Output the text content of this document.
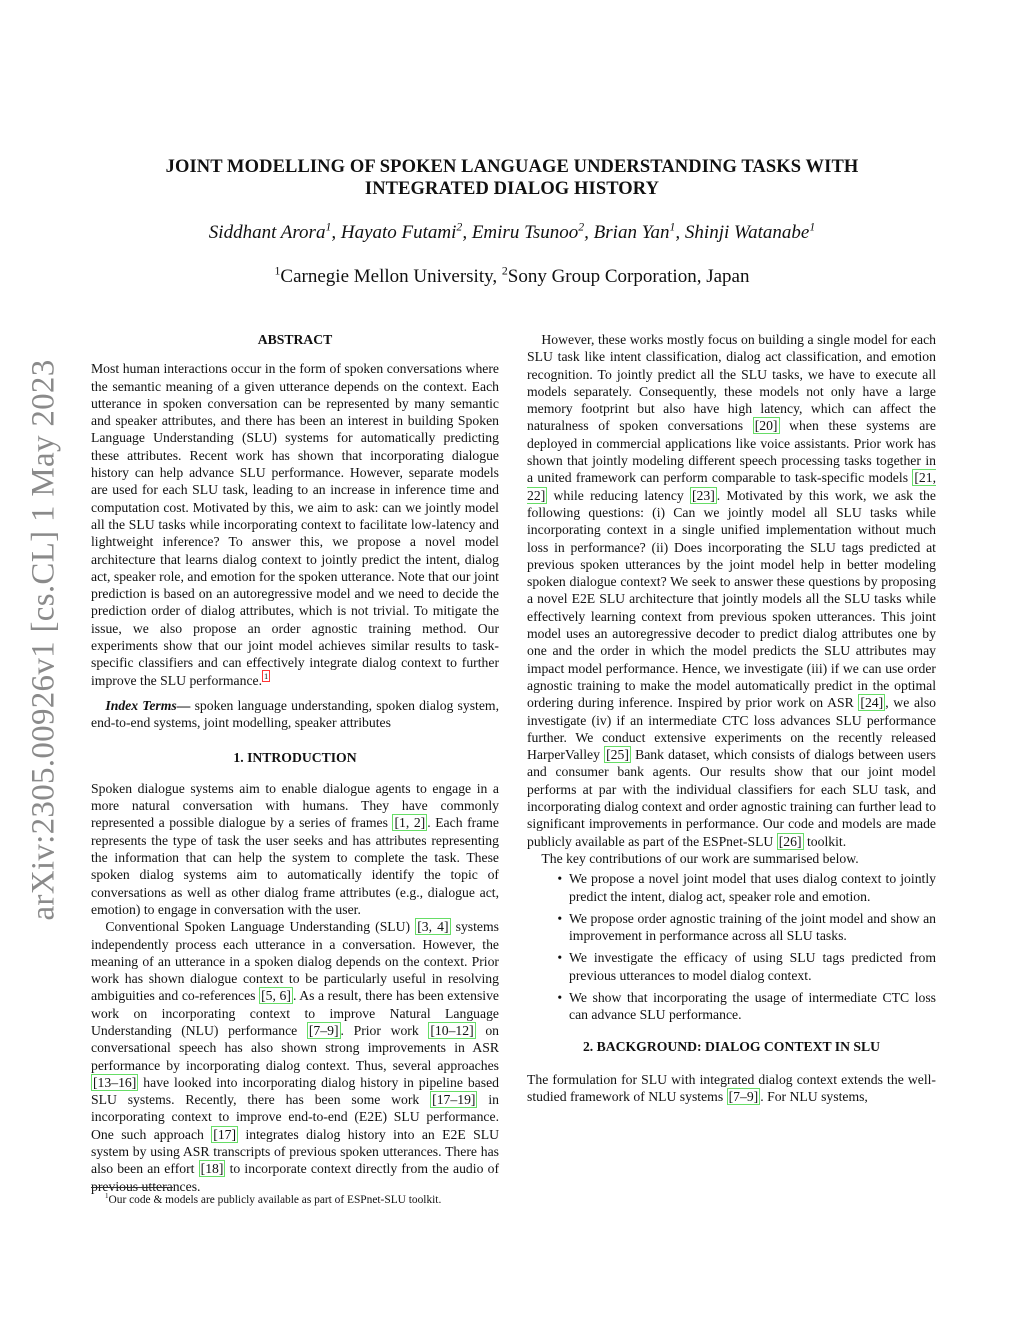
arXiv:2305.00926v1 [cs.CL] 1 May 2023
JOINT MODELLING OF SPOKEN LANGUAGE UNDERSTANDING TASKS WITH
INTEGRATED DIALOG HISTORY
Siddhant Arora$^1$, Hayato Futami$^2$, Emiru Tsunoo$^2$, Brian Yan$^1$, Shinji Watanabe$^1$
$^1$Carnegie Mellon University, $^2$Sony Group Corporation, Japan
ABSTRACT

Most human interactions occur in the form of spoken conversations where the semantic meaning of a given utterance depends on the context. Each utterance in spoken conversation can be represented by many semantic and speaker attributes, and there has been an interest in building Spoken Language Understanding (SLU) systems for automatically predicting these attributes. Recent work has shown that incorporating dialogue history can help advance SLU performance. However, separate models are used for each SLU task, leading to an increase in inference time and computation cost. Motivated by this, we aim to ask: can we jointly model all the SLU tasks while incorporating context to facilitate low-latency and lightweight inference? To answer this, we propose a novel model architecture that learns dialog context to jointly predict the intent, dialog act, speaker role, and emotion for the spoken utterance. Note that our joint prediction is based on an autoregressive model and we need to decide the prediction order of dialog attributes, which is not trivial. To mitigate the issue, we also propose an order agnostic training method. Our experiments show that our joint model achieves similar results to task-specific classifiers and can effectively integrate dialog context to further improve the SLU performance. $^1$

Index Terms— spoken language understanding, spoken dialog system, end-to-end systems, joint modelling, speaker attributes

1. INTRODUCTION

Spoken dialogue systems aim to enable dialogue agents to engage in a more natural conversation with humans. They have commonly represented a possible dialogue by a series of frames [1, 2] . Each frame represents the type of task the user seeks and has attributes representing the information that can help the system to complete the task. These spoken dialog systems aim to automatically identify the topic of conversations as well as other dialog frame attributes (e.g., dialogue act, emotion) to engage in conversation with the user.

Conventional Spoken Language Understanding (SLU) [3, 4] systems independently process each utterance in a conversation. However, the meaning of an utterance in a spoken dialog depends on the context. Prior work has shown dialogue context to be particularly useful in resolving ambiguities and co-references [5, 6] . As a result, there has been extensive work on incorporating context to improve Natural Language Understanding (NLU) performance [7–9] . Prior work [10–12] on conversational speech has also shown strong improvements in ASR performance by incorporating dialog context. Thus, several approaches [13–16] have looked into incorporating dialog history in pipeline based SLU systems. Recently, there has been some work [17–19] in incorporating context to improve end-to-end (E2E) SLU performance. One such approach [17] integrates dialog history into an E2E SLU system by using ASR transcripts of previous spoken utterances. There has also been an effort [18] to incorporate context directly from the audio of previous utterances.

However, these works mostly focus on building a single model for each SLU task like intent classification, dialog act classification, and emotion recognition. To jointly predict all the SLU tasks, we have to execute all models separately. Consequently, these models not only have a large memory footprint but also have high latency, which can affect the naturalness of spoken conversations [20] when these systems are deployed in commercial applications like voice assistants. Prior work has shown that jointly modeling different speech processing tasks together in a united framework can perform comparable to task-specific models [21, 22] while reducing latency [23] . Motivated by this work, we ask the following questions: (i) Can we jointly model all SLU tasks while incorporating context in a single unified implementation without much loss in performance? (ii) Does incorporating the SLU tags predicted at previous spoken utterances by the joint model help in better modeling spoken dialogue context? We seek to answer these questions by proposing a novel E2E SLU architecture that jointly models all the SLU tasks while effectively learning context from previous spoken utterances. This joint model uses an autoregressive decoder to predict dialog attributes one by one and the order in which the model predicts the SLU attributes may impact model performance. Hence, we investigate (iii) if we can use order agnostic training to make the model automatically predict in the optimal ordering during inference. Inspired by prior work on ASR [24] , we also investigate (iv) if an intermediate CTC loss advances SLU performance further. We conduct extensive experiments on the recently released HarperValley [25] Bank dataset, which consists of dialogs between users and consumer bank agents. Our results show that our joint model performs at par with the individual classifiers for each SLU task, and incorporating dialog context and order agnostic training can further lead to significant improvements in performance. Our code and models are made publicly available as part of the ESPnet-SLU [26] toolkit.

The key contributions of our work are summarised below.

• We propose a novel joint model that uses dialog context to jointly predict the intent, dialog act, speaker role and emotion.
• We propose order agnostic training of the joint model and show an improvement in performance across all SLU tasks.
• We investigate the efficacy of using SLU tags predicted from previous utterances to model dialog context.
• We show that incorporating the usage of intermediate CTC loss can advance SLU performance.
2. BACKGROUND: DIALOG CONTEXT IN SLU

The formulation for SLU with integrated dialog context extends the well-studied framework of NLU systems [7–9] . For NLU systems,

$^1$Our code & models are publicly available as part of ESPnet-SLU toolkit.
